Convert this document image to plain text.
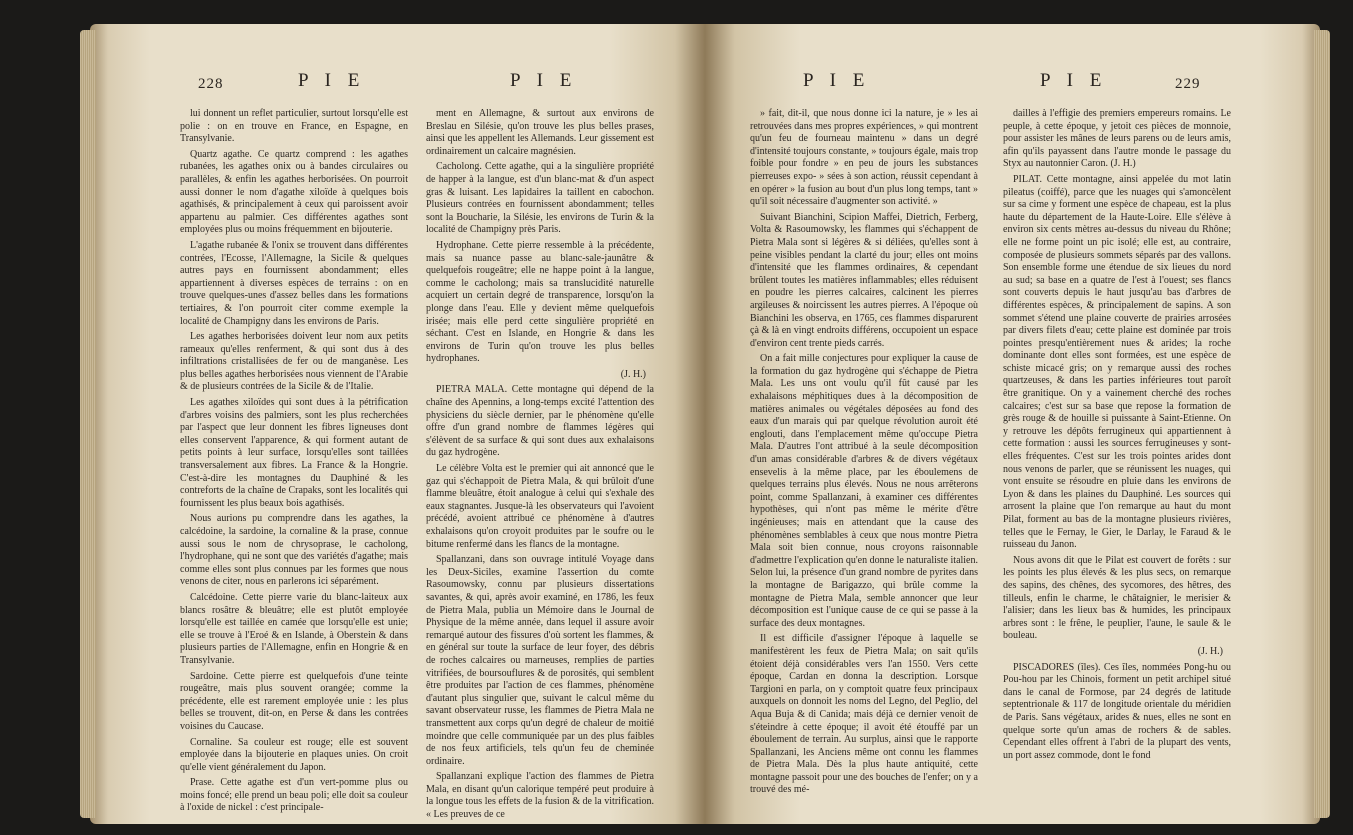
228	P I E	P I E

lui donnent un reflet particulier, surtout lorsqu'elle est polie : on en trouve en France, en Espagne, en Transylvanie.

Quartz agathe. Ce quartz comprend : les agathes rubanées, les agathes onix ou à bandes circulaires ou parallèles, & enfin les agathes herborisées. On pourroit aussi donner le nom d'agathe xiloïde à quelques bois agathisés, & principalement à ceux qui paroissent avoir appartenu au palmier. Ces différentes agathes sont employées plus ou moins fréquemment en bijouterie.

L'agathe rubanée & l'onix se trouvent dans différentes contrées, l'Ecosse, l'Allemagne, la Sicile & quelques autres pays en fournissent abondamment; elles appartiennent à diverses espèces de terrains : on en trouve quelques-unes d'assez belles dans les formations tertiaires, & l'on pourroit citer comme exemple la localité de Champigny dans les environs de Paris.

Les agathes herborisées doivent leur nom aux petits rameaux qu'elles renferment, & qui sont dus à des infiltrations cristallisées de fer ou de manganèse. Les plus belles agathes herborisées nous viennent de l'Arabie & de plusieurs contrées de la Sicile & de l'Italie.

Les agathes xiloïdes qui sont dues à la pétrification d'arbres voisins des palmiers, sont les plus recherchées par l'aspect que leur donnent les fibres ligneuses dont elles conservent l'apparence, & qui forment autant de petits points à leur surface, lorsqu'elles sont taillées transversalement aux fibres. La France & la Hongrie. C'est-à-dire les montagnes du Dauphiné & les contreforts de la chaîne de Crapaks, sont les localités qui fournissent les plus beaux bois agathisés.

Nous aurions pu comprendre dans les agathes, la calcédoine, la sardoine, la cornaline & la prase, connue aussi sous le nom de chrysoprase, le cacholong, l'hydrophane, qui ne sont que des variétés d'agathe; mais comme elles sont plus connues par les formes que nous venons de citer, nous en parlerons ici séparément.

Calcédoine. Cette pierre varie du blanc-laiteux aux blancs rosâtre & bleuâtre; elle est plutôt employée lorsqu'elle est taillée en camée que lorsqu'elle est unie; elle se trouve à l'Eroé & en Islande, à Oberstein & dans plusieurs parties de l'Allemagne, enfin en Hongrie & en Transylvanie.

Sardoine. Cette pierre est quelquefois d'une teinte rougeâtre, mais plus souvent orangée; comme la précédente, elle est rarement employée unie : les plus belles se trouvent, dit-on, en Perse & dans les contrées voisines du Caucase.

Cornaline. Sa couleur est rouge; elle est souvent employée dans la bijouterie en plaques unies. On croit qu'elle vient généralement du Japon.

Prase. Cette agathe est d'un vert-pomme plus ou moins foncé; elle prend un beau poli; elle doit sa couleur à l'oxide de nickel : c'est principale-

ment en Allemagne, & surtout aux environs de Breslau en Silésie, qu'on trouve les plus belles prases, ainsi que les appellent les Allemands. Leur gissement est ordinairement un calcaire magnésien.

Cacholong. Cette agathe, qui a la singulière propriété de happer à la langue, est d'un blanc-mat & d'un aspect gras & luisant. Les lapidaires la taillent en cabochon. Plusieurs contrées en fournissent abondamment; telles sont la Boucharie, la Silésie, les environs de Turin & la localité de Champigny près Paris.

Hydrophane. Cette pierre ressemble à la précédente, mais sa nuance passe au blanc-sale-jaunâtre & quelquefois rougeâtre; elle ne happe point à la langue, comme le cacholong; mais sa translucidité naturelle acquiert un certain degré de transparence, lorsqu'on la plonge dans l'eau. Elle y devient même quelquefois irisée; mais elle perd cette singulière propriété en séchant. C'est en Islande, en Hongrie & dans les environs de Turin qu'on trouve les plus belles hydrophanes.

(J. H.)

PIETRA MALA. Cette montagne qui dépend de la chaîne des Apennins, a long-temps excité l'attention des physiciens du siècle dernier, par le phénomène qu'elle offre d'un grand nombre de flammes légères qui s'élèvent de sa surface & qui sont dues aux exhalaisons du gaz hydrogène.

Le célèbre Volta est le premier qui ait annoncé que le gaz qui s'échappoit de Pietra Mala, & qui brûloit d'une flamme bleuâtre, étoit analogue à celui qui s'exhale des eaux stagnantes. Jusque-là les observateurs qui l'avoient précédé, avoient attribué ce phénomène à d'autres exhalaisons qu'on croyoit produites par le soufre ou le bitume renfermé dans les flancs de la montagne.

Spallanzani, dans son ouvrage intitulé Voyage dans les Deux-Siciles, examine l'assertion du comte Rasoumowsky, connu par plusieurs dissertations savantes, & qui, après avoir examiné, en 1786, les feux de Pietra Mala, publia un Mémoire dans le Journal de Physique de la même année, dans lequel il assure avoir remarqué autour des fissures d'où sortent les flammes, & en général sur toute la surface de leur foyer, des débris de roches calcaires ou marneuses, remplies de parties vitrifiées, de boursouflures & de porosités, qui semblent être produites par l'action de ces flammes, phénomène d'autant plus singulier que, suivant le calcul même du savant observateur russe, les flammes de Pietra Mala ne transmettent aux corps qu'un degré de chaleur de moitié moindre que celle communiquée par un des plus faibles de nos feux artificiels, tels qu'un feu de cheminée ordinaire.

Spallanzani explique l'action des flammes de Pietra Mala, en disant qu'un calorique tempéré peut produire à la longue tous les effets de la fusion & de la vitrification. « Les preuves de ce

P I E	P I E	229

» fait, dit-il, que nous donne ici la nature, je » les ai retrouvées dans mes propres expériences, » qui montrent qu'un feu de fourneau maintenu » dans un degré d'intensité toujours constante, » toujours égale, mais trop foible pour fondre » en peu de jours les substances pierreuses expo- » sées à son action, réussit cependant à en opérer » la fusion au bout d'un plus long temps, tant » qu'il soit nécessaire d'augmenter son activité. »

Suivant Bianchini, Scipion Maffei, Dietrich, Ferberg, Volta & Rasoumowsky, les flammes qui s'échappent de Pietra Mala sont si légères & si déliées, qu'elles sont à peine visibles pendant la clarté du jour; elles ont moins d'intensité que les flammes ordinaires, & cependant brûlent toutes les matières inflammables; elles réduisent en poudre les pierres calcaires, calcinent les pierres argileuses & noircissent les autres pierres. A l'époque où Bianchini les observa, en 1765, ces flammes disparurent çà & là en vingt endroits différens, occupoient un espace d'environ cent trente pieds carrés.

On a fait mille conjectures pour expliquer la cause de la formation du gaz hydrogène qui s'échappe de Pietra Mala. Les uns ont voulu qu'il fût causé par les exhalaisons méphitiques dues à la décomposition de matières animales ou végétales déposées au fond des eaux d'un marais qui par quelque révolution auroit été englouti, dans l'emplacement même qu'occupe Pietra Mala. D'autres l'ont attribué à la seule décomposition d'un amas considérable d'arbres & de divers végétaux ensevelis à la même place, par les éboulemens de quelques terrains plus élevés. Nous ne nous arrêterons point, comme Spallanzani, à examiner ces différentes hypothèses, qui n'ont pas même le mérite d'être ingénieuses; mais en attendant que la cause des phénomènes semblables à ceux que nous montre Pietra Mala soit bien connue, nous croyons raisonnable d'admettre l'explication qu'en donne le naturaliste italien. Selon lui, la présence d'un grand nombre de pyrites dans la montagne de Barigazzo, qui brûle comme la montagne de Pietra Mala, semble annoncer que leur décomposition est l'unique cause de ce qui se passe à la surface des deux montagnes.

Il est difficile d'assigner l'époque à laquelle se manifestèrent les feux de Pietra Mala; on sait qu'ils étoient déjà considérables vers l'an 1550. Vers cette époque, Cardan en donna la description. Lorsque Targioni en parla, on y comptoit quatre feux principaux auxquels on donnoit les noms del Legno, del Peglio, del Aqua Buja & di Canida; mais déjà ce dernier venoit de s'éteindre à cette époque; il avoit été étouffé par un éboulement de terrain. Au surplus, ainsi que le rapporte Spallanzani, les Anciens même ont connu les flammes de Pietra Mala. Dès la plus haute antiquité, cette montagne passoit pour une des bouches de l'enfer; on y a trouvé des mé-

dailles à l'effigie des premiers empereurs romains. Le peuple, à cette époque, y jetoit ces pièces de monnoie, pour assister les mânes de leurs parens ou de leurs amis, afin qu'ils payassent dans l'autre monde le passage du Styx au nautonnier Caron. (J. H.)

PILAT. Cette montagne, ainsi appelée du mot latin pileatus (coiffé), parce que les nuages qui s'amoncèlent sur sa cime y forment une espèce de chapeau, est la plus haute du département de la Haute-Loire. Elle s'élève à environ six cents mètres au-dessus du niveau du Rhône; elle ne forme point un pic isolé; elle est, au contraire, composée de plusieurs sommets séparés par des vallons. Son ensemble forme une étendue de six lieues du nord au sud; sa base en a quatre de l'est à l'ouest; ses flancs sont couverts depuis le haut jusqu'au bas d'arbres de différentes espèces, & principalement de sapins. A son sommet s'étend une plaine couverte de prairies arrosées par divers filets d'eau; cette plaine est dominée par trois pointes presqu'entièrement nues & arides; la roche dominante dont elles sont formées, est une espèce de schiste micacé gris; on y remarque aussi des roches quartzeuses, & dans les parties inférieures tout paroît être granitique. On y a vainement cherché des roches calcaires; c'est sur sa base que repose la formation de grès rouge & de houille si puissante à Saint-Etienne. On y retrouve les dépôts ferrugineux qui appartiennent à cette formation : aussi les sources ferrugineuses y sont-elles fréquentes. C'est sur les trois pointes arides dont nous venons de parler, que se réunissent les nuages, qui vont ensuite se résoudre en pluie dans les environs de Lyon & dans les plaines du Dauphiné. Les sources qui arrosent la plaine que l'on remarque au haut du mont Pilat, forment au bas de la montagne plusieurs rivières, telles que le Fernay, le Gier, le Darlay, le Faraud & le ruisseau du Janon.

Nous avons dit que le Pilat est couvert de forêts : sur les points les plus élevés & les plus secs, on remarque des sapins, des chênes, des sycomores, des hêtres, des tilleuls, enfin le charme, le châtaignier, le merisier & l'alisier; dans les lieux bas & humides, les principaux arbres sont : le frêne, le peuplier, l'aune, le saule & le bouleau.

(J. H.)

PISCADORES (îles). Ces îles, nommées Pong-hu ou Pou-hou par les Chinois, forment un petit archipel situé dans le canal de Formose, par 24 degrés de latitude septentrionale & 117 de longitude orientale du méridien de Paris. Sans végétaux, arides & nues, elles ne sont en quelque sorte qu'un amas de rochers & de sables. Cependant elles offrent à l'abri de la plupart des vents, un port assez commode, dont le fond
